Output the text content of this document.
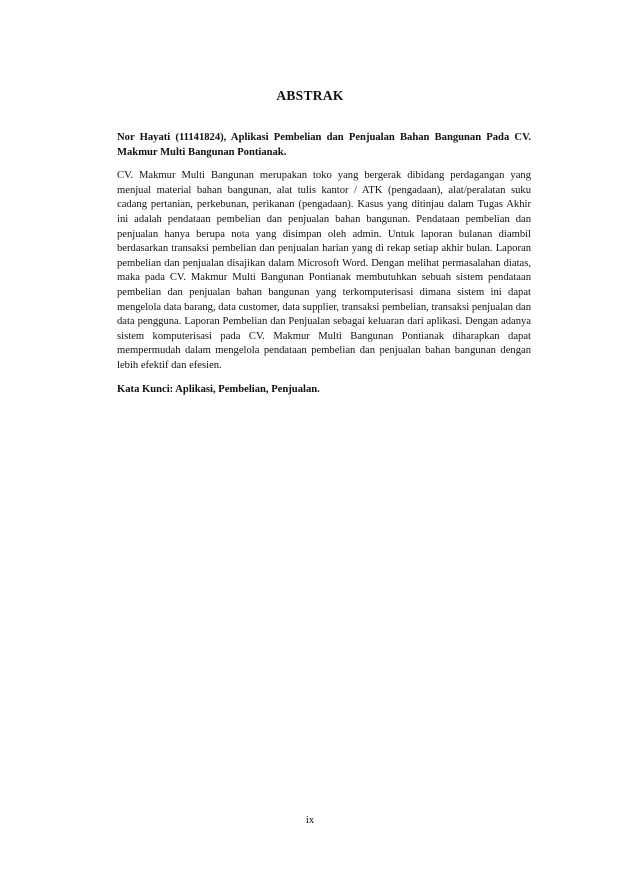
ABSTRAK

Nor Hayati (11141824), Aplikasi Pembelian dan Penjualan Bahan Bangunan Pada CV. Makmur Multi Bangunan Pontianak.

CV. Makmur Multi Bangunan merupakan toko yang bergerak dibidang perdagangan yang menjual material bahan bangunan, alat tulis kantor / ATK (pengadaan), alat/peralatan suku cadang pertanian, perkebunan, perikanan (pengadaan). Kasus yang ditinjau dalam Tugas Akhir ini adalah pendataan pembelian dan penjualan bahan bangunan. Pendataan pembelian dan penjualan hanya berupa nota yang disimpan oleh admin. Untuk laporan bulanan diambil berdasarkan transaksi pembelian dan penjualan harian yang di rekap setiap akhir bulan. Laporan pembelian dan penjualan disajikan dalam Microsoft Word. Dengan melihat permasalahan diatas, maka pada CV. Makmur Multi Bangunan Pontianak membutuhkan sebuah sistem pendataan pembelian dan penjualan bahan bangunan yang terkomputerisasi dimana sistem ini dapat mengelola data barang, data customer, data supplier, transaksi pembelian, transaksi penjualan dan data pengguna. Laporan Pembelian dan Penjualan sebagai keluaran dari aplikasi. Dengan adanya sistem komputerisasi pada CV. Makmur Multi Bangunan Pontianak diharapkan dapat mempermudah dalam mengelola pendataan pembelian dan penjualan bahan bangunan dengan lebih efektif dan efesien.

Kata Kunci: Aplikasi, Pembelian, Penjualan.

ix
